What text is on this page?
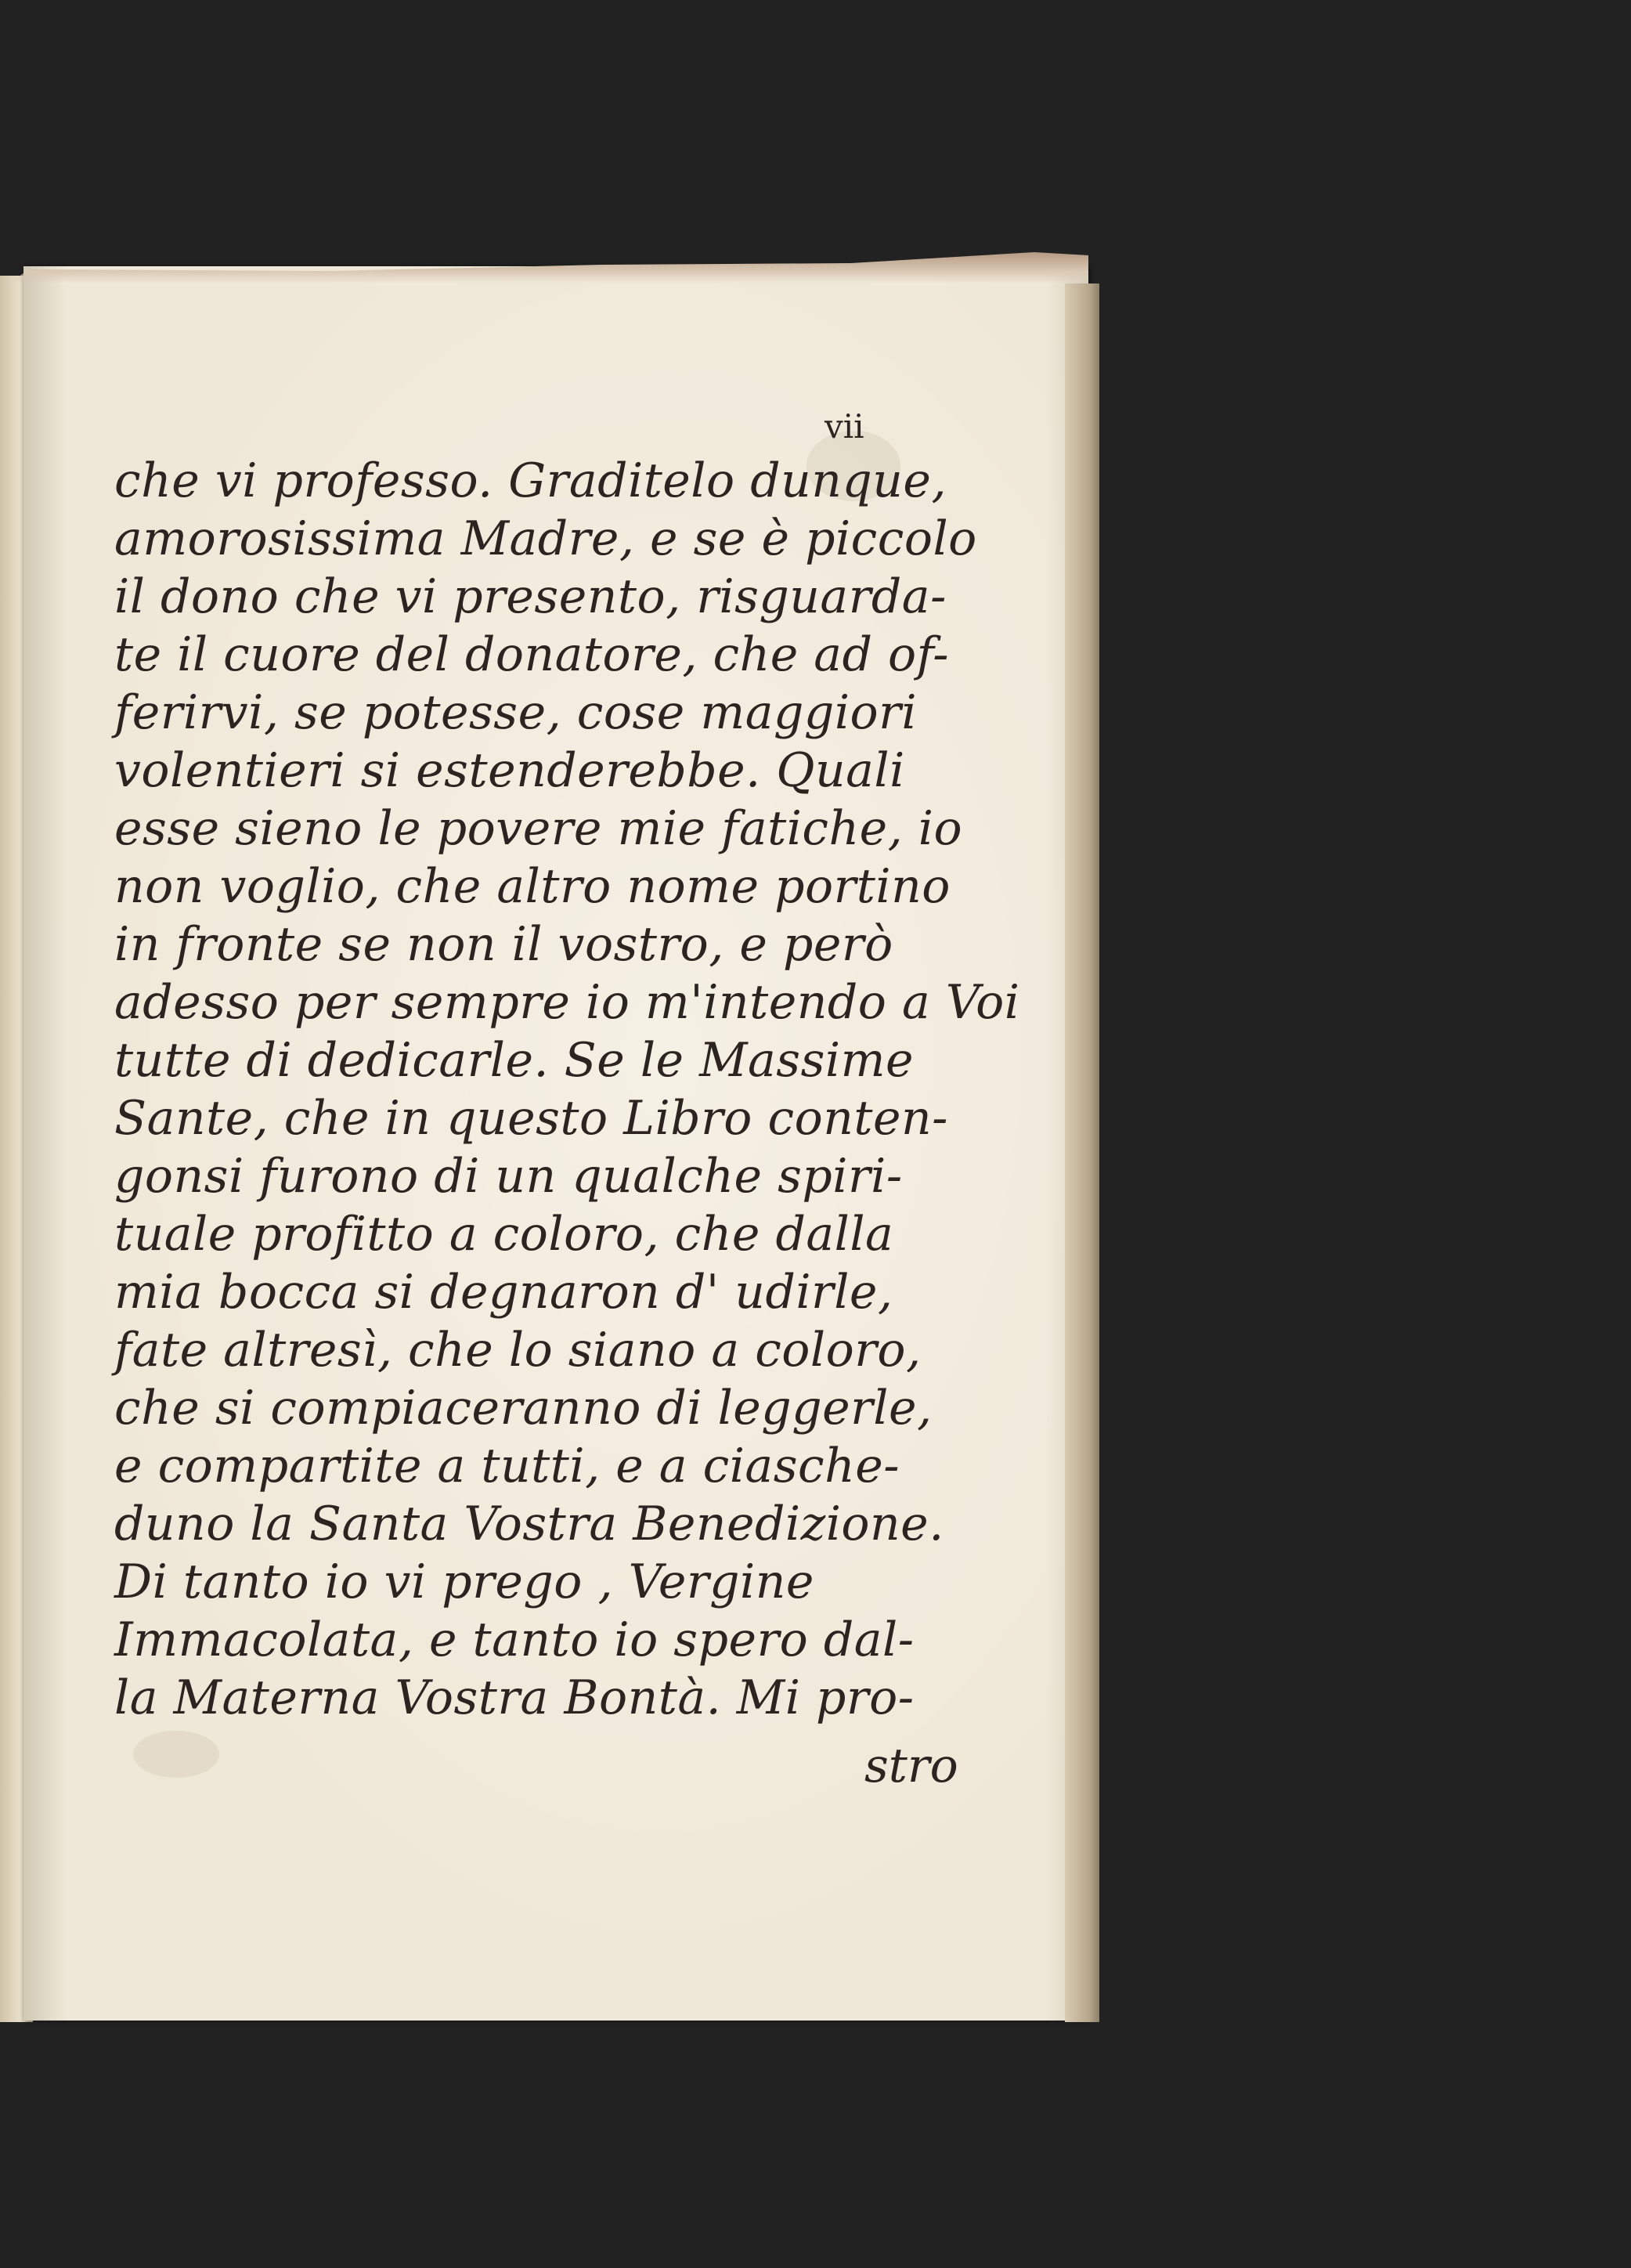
vii
che vi professo. Graditelo dunque,
amorosissima Madre, e se è piccolo
il dono che vi presento, risguarda-
te il cuore del donatore, che ad of-
ferirvi, se potesse, cose maggiori
volentieri si estenderebbe. Quali
esse sieno le povere mie fatiche, io
non voglio, che altro nome portino
in fronte se non il vostro, e però
adesso per sempre io m'intendo a Voi
tutte di dedicarle. Se le Massime
Sante, che in questo Libro conten-
gonsi furono di un qualche spiri-
tuale profitto a coloro, che dalla
mia bocca si degnaron d' udirle,
fate altresì, che lo siano a coloro,
che si compiaceranno di leggerle,
e compartite a tutti, e a ciasche-
duno la Santa Vostra Benedizione.
Di tanto io vi prego , Vergine
Immacolata, e tanto io spero dal-
la Materna Vostra Bontà. Mi pro-
stro
